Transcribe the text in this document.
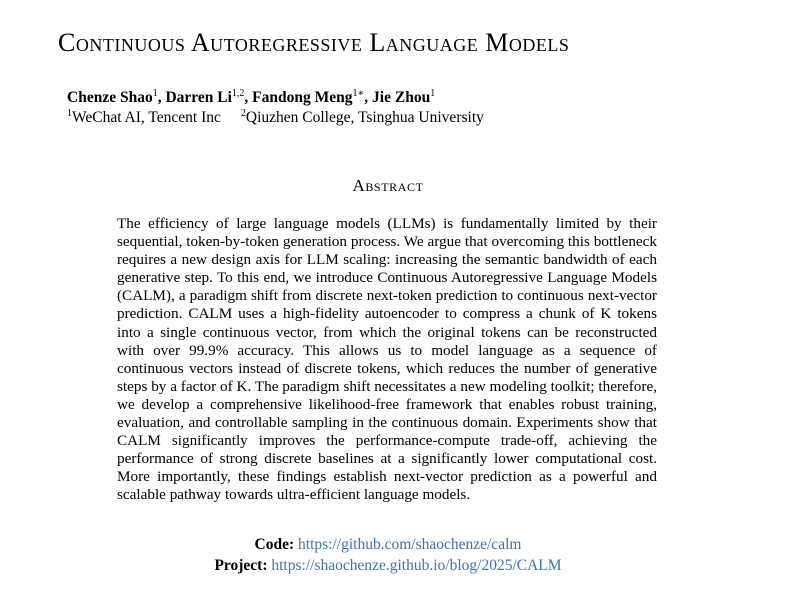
Continuous Autoregressive Language Models
Chenze Shao$^1$, Darren Li$^{1,2}$, Fandong Meng$^{1∗}$, Jie Zhou$^1$
$^1$WeChat AI, Tencent Inc $^2$Qiuzhen College, Tsinghua University
Abstract

The efficiency of large language models (LLMs) is fundamentally limited by their sequential, token-by-token generation process. We argue that overcoming this bottleneck requires a new design axis for LLM scaling: increasing the semantic bandwidth of each generative step. To this end, we introduce Continuous Autoregressive Language Models (CALM), a paradigm shift from discrete next-token prediction to continuous next-vector prediction. CALM uses a high-fidelity autoencoder to compress a chunk of K tokens into a single continuous vector, from which the original tokens can be reconstructed with over 99.9% accuracy. This allows us to model language as a sequence of continuous vectors instead of discrete tokens, which reduces the number of generative steps by a factor of K. The paradigm shift necessitates a new modeling toolkit; therefore, we develop a comprehensive likelihood-free framework that enables robust training, evaluation, and controllable sampling in the continuous domain. Experiments show that CALM significantly improves the performance-compute trade-off, achieving the performance of strong discrete baselines at a significantly lower computational cost. More importantly, these findings establish next-vector prediction as a powerful and scalable pathway towards ultra-efficient language models.

Code: https://github.com/shaochenze/calm
Project: https://shaochenze.github.io/blog/2025/CALM
